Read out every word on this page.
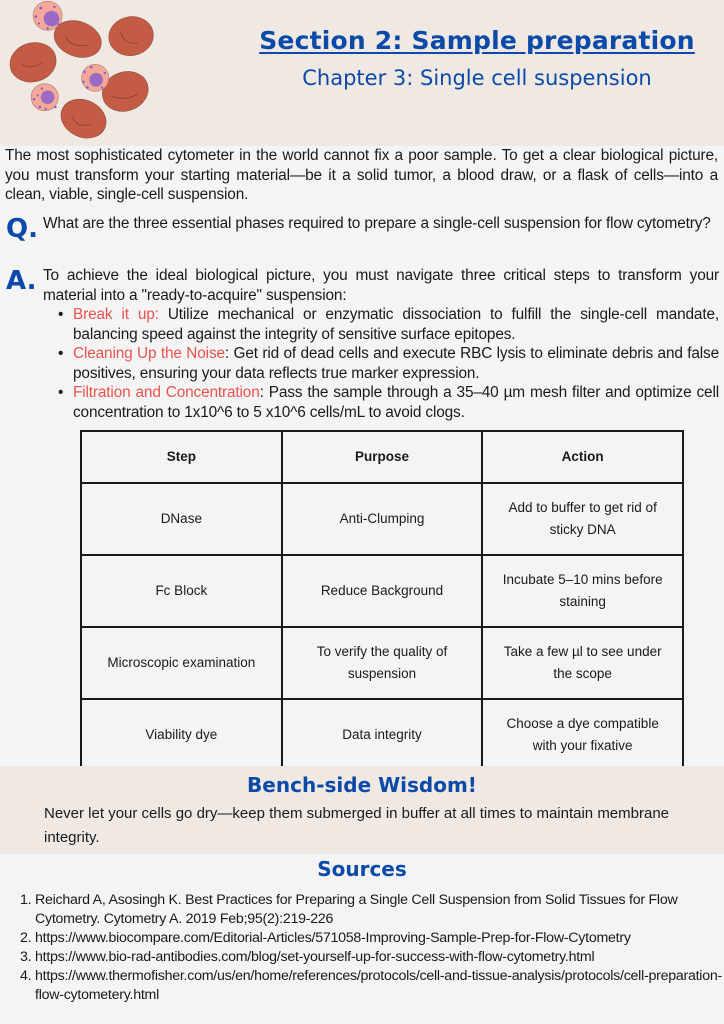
Section 2: Sample preparation
Chapter 3: Single cell suspension
The most sophisticated cytometer in the world cannot fix a poor sample. To get a clear biological picture, you must transform your starting material—be it a solid tumor, a blood draw, or a flask of cells—into a clean, viable, single-cell suspension.
Q. What are the three essential phases required to prepare a single-cell suspension for flow cytometry?
A. To achieve the ideal biological picture, you must navigate three critical steps to transform your material into a "ready-to-acquire" suspension:
• Break it up: Utilize mechanical or enzymatic dissociation to fulfill the single-cell mandate, balancing speed against the integrity of sensitive surface epitopes.
• Cleaning Up the Noise: Get rid of dead cells and execute RBC lysis to eliminate debris and false positives, ensuring your data reflects true marker expression.
• Filtration and Concentration: Pass the sample through a 35–40 µm mesh filter and optimize cell concentration to 1x10^6 to 5 x10^6 cells/mL to avoid clogs.
Step	Purpose	Action
DNase	Anti-Clumping	Add to buffer to get rid of sticky DNA
Fc Block	Reduce Background	Incubate 5–10 mins before staining
Microscopic examination	To verify the quality of suspension	Take a few µl to see under the scope
Viability dye	Data integrity	Choose a dye compatible with your fixative
Bench-side Wisdom!

Never let your cells go dry—keep them submerged in buffer at all times to maintain membrane integrity.

Sources
1. Reichard A, Asosingh K. Best Practices for Preparing a Single Cell Suspension from Solid Tissues for Flow Cytometry. Cytometry A. 2019 Feb;95(2):219-226
2. https://www.biocompare.com/Editorial-Articles/571058-Improving-Sample-Prep-for-Flow-Cytometry
3. https://www.bio-rad-antibodies.com/blog/set-yourself-up-for-success-with-flow-cytometry.html
4. https://www.thermofisher.com/us/en/home/references/protocols/cell-and-tissue-analysis/protocols/cell-preparation-flow-cytometery.html
